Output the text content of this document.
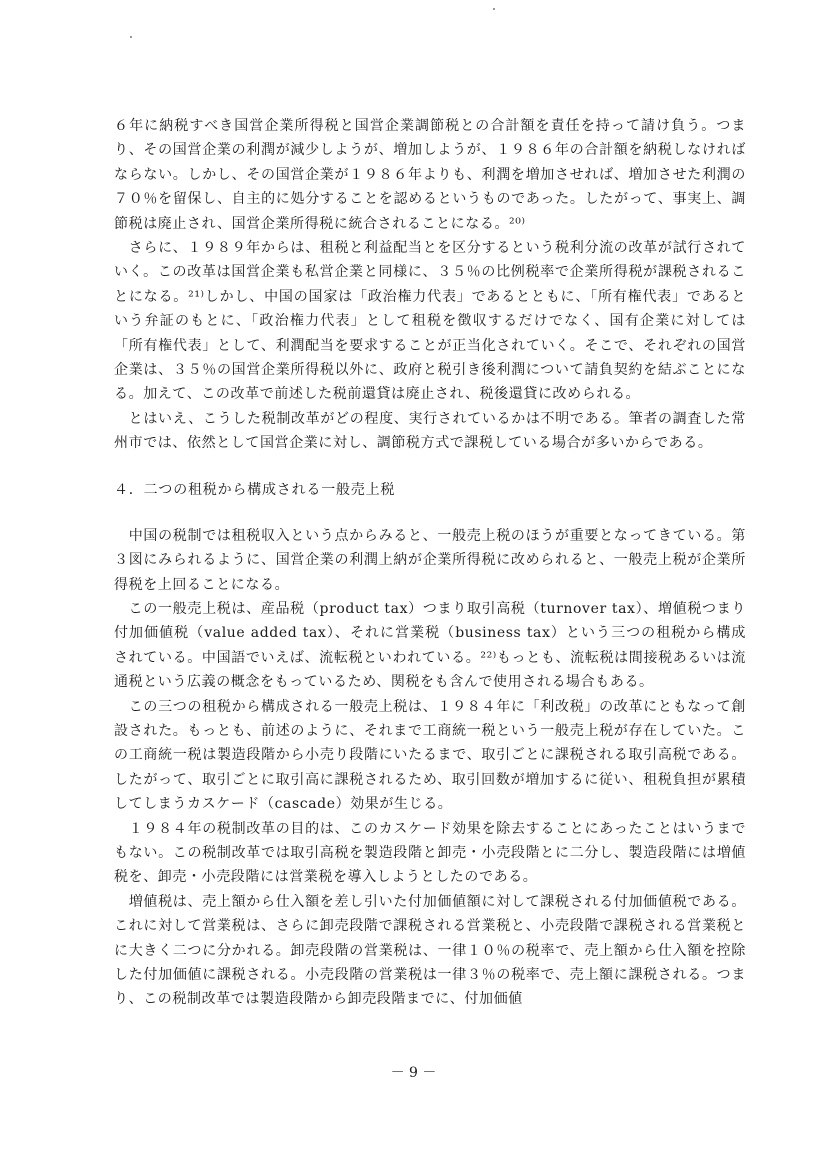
６年に納税すべき国営企業所得税と国営企業調節税との合計額を責任を持って請け負う。つまり、その国営企業の利潤が減少しようが、増加しようが、１９８６年の合計額を納税しなければならない。しかし、その国営企業が１９８６年よりも、利潤を増加させれば、増加させた利潤の７０％を留保し、自主的に処分することを認めるというものであった。したがって、事実上、調節税は廃止され、国営企業所得税に統合されることになる。²⁰⁾

　さらに、１９８９年からは、租税と利益配当とを区分するという税利分流の改革が試行されていく。この改革は国営企業も私営企業と同様に、３５％の比例税率で企業所得税が課税されることになる。²¹⁾しかし、中国の国家は「政治権力代表」であるとともに、「所有権代表」であるという弁証のもとに、「政治権力代表」として租税を徴収するだけでなく、国有企業に対しては「所有権代表」として、利潤配当を要求することが正当化されていく。そこで、それぞれの国営企業は、３５％の国営企業所得税以外に、政府と税引き後利潤について請負契約を結ぶことになる。加えて、この改革で前述した税前還貸は廃止され、税後還貸に改められる。

　とはいえ、こうした税制改革がどの程度、実行されているかは不明である。筆者の調査した常州市では、依然として国営企業に対し、調節税方式で課税している場合が多いからである。

４．二つの租税から構成される一般売上税

　中国の税制では租税収入という点からみると、一般売上税のほうが重要となってきている。第３図にみられるように、国営企業の利潤上納が企業所得税に改められると、一般売上税が企業所得税を上回ることになる。

　この一般売上税は、産品税（product tax）つまり取引高税（turnover tax）、増値税つまり付加価値税（value added tax）、それに営業税（business tax）という三つの租税から構成されている。中国語でいえば、流転税といわれている。²²⁾もっとも、流転税は間接税あるいは流通税という広義の概念をもっているため、関税をも含んで使用される場合もある。

　この三つの租税から構成される一般売上税は、１９８４年に「利改税」の改革にともなって創設された。もっとも、前述のように、それまで工商統一税という一般売上税が存在していた。この工商統一税は製造段階から小売り段階にいたるまで、取引ごとに課税される取引高税である。したがって、取引ごとに取引高に課税されるため、取引回数が増加するに従い、租税負担が累積してしまうカスケード（cascade）効果が生じる。

　１９８４年の税制改革の目的は、このカスケード効果を除去することにあったことはいうまでもない。この税制改革では取引高税を製造段階と卸売・小売段階とに二分し、製造段階には増値税を、卸売・小売段階には営業税を導入しようとしたのである。

　増値税は、売上額から仕入額を差し引いた付加価値額に対して課税される付加価値税である。これに対して営業税は、さらに卸売段階で課税される営業税と、小売段階で課税される営業税とに大きく二つに分かれる。卸売段階の営業税は、一律１０％の税率で、売上額から仕入額を控除した付加価値に課税される。小売段階の営業税は一律３％の税率で、売上額に課税される。つまり、この税制改革では製造段階から卸売段階までに、付加価値

－ 9 －
